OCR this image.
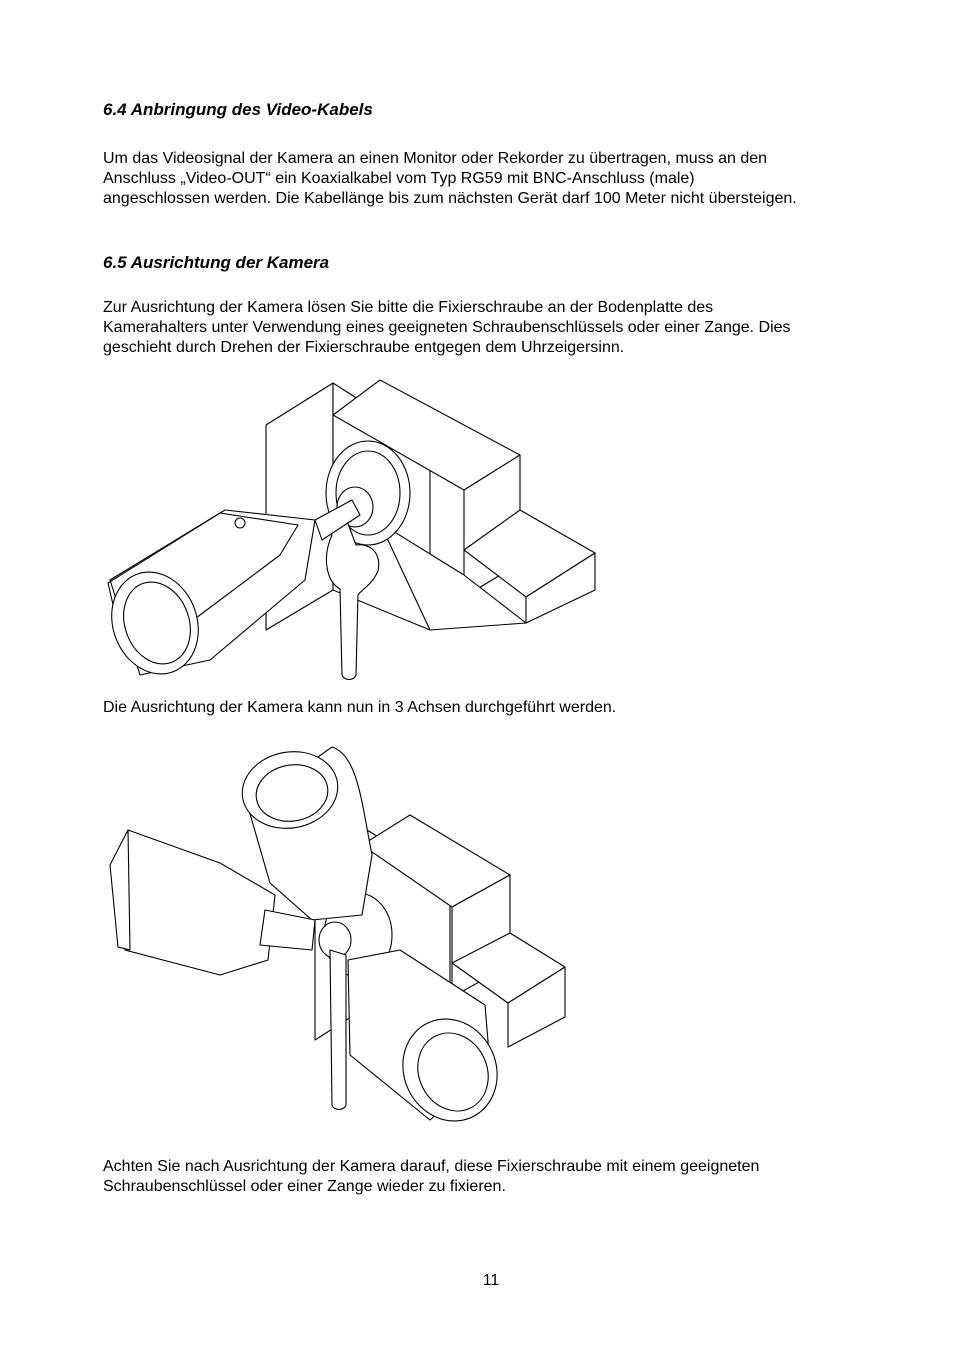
6.4 Anbringung des Video-Kabels
Um das Videosignal der Kamera an einen Monitor oder Rekorder zu übertragen, muss an den
Anschluss „Video-OUT“ ein Koaxialkabel vom Typ RG59 mit BNC-Anschluss (male)
angeschlossen werden. Die Kabellänge bis zum nächsten Gerät darf 100 Meter nicht übersteigen.
6.5 Ausrichtung der Kamera
Zur Ausrichtung der Kamera lösen Sie bitte die Fixierschraube an der Bodenplatte des
Kamerahalters unter Verwendung eines geeigneten Schraubenschlüssels oder einer Zange. Dies
geschieht durch Drehen der Fixierschraube entgegen dem Uhrzeigersinn.
Die Ausrichtung der Kamera kann nun in 3 Achsen durchgeführt werden.
Achten Sie nach Ausrichtung der Kamera darauf, diese Fixierschraube mit einem geeigneten
Schraubenschlüssel oder einer Zange wieder zu fixieren.
11
